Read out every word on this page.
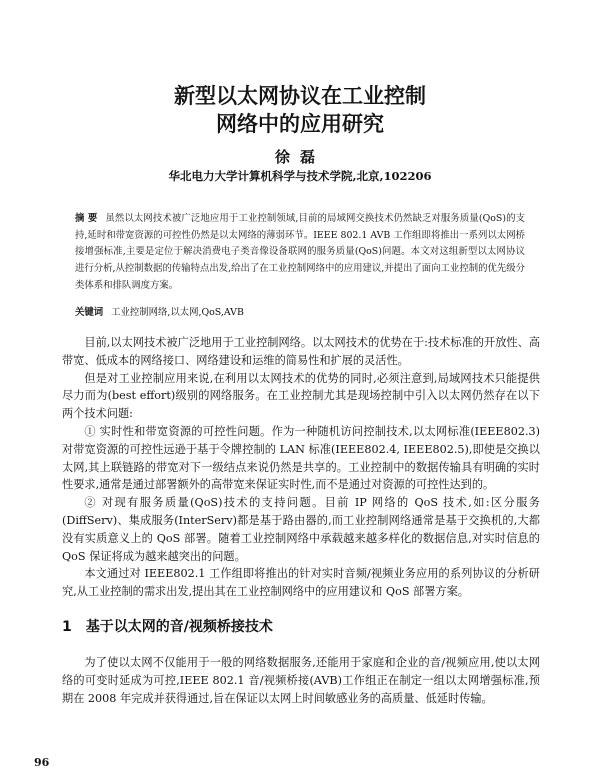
新型以太网协议在工业控制
网络中的应用研究
徐磊
华北电力大学计算机科学与技术学院,北京,102206
摘 要 虽然以太网技术被广泛地应用于工业控制领域,目前的局域网交换技术仍然缺乏对服务质量(QoS)的支持,延时和带宽资源的可控性仍然是以太网络的薄弱环节。IEEE 802.1 AVB 工作组即将推出一系列以太网桥接增强标准,主要是定位于解决消费电子类音像设备联网的服务质量(QoS)问题。本文对这组新型以太网协议进行分析,从控制数据的传输特点出发,给出了在工业控制网络中的应用建议,并提出了面向工业控制的优先级分类体系和排队调度方案。
关键词 工业控制网络,以太网,QoS,AVB

目前,以太网技术被广泛地用于工业控制网络。以太网技术的优势在于:技术标准的开放性、高带宽、低成本的网络接口、网络建设和运维的简易性和扩展的灵活性。

但是对工业控制应用来说,在利用以太网技术的优势的同时,必须注意到,局域网技术只能提供尽力而为(best effort)级别的网络服务。在工业控制尤其是现场控制中引入以太网仍然存在以下两个技术问题:

① 实时性和带宽资源的可控性问题。作为一种随机访问控制技术,以太网标准(IEEE802.3)对带宽资源的可控性远逊于基于令牌控制的 LAN 标准(IEEE802.4, IEEE802.5),即使是交换以太网,其上联链路的带宽对下一级结点来说仍然是共享的。工业控制中的数据传输具有明确的实时性要求,通常是通过部署额外的高带宽来保证实时性,而不是通过对资源的可控性达到的。

② 对现有服务质量(QoS)技术的支持问题。目前 IP 网络的 QoS 技术,如:区分服务(DiffServ)、集成服务(InterServ)都是基于路由器的,而工业控制网络通常是基于交换机的,大都没有实质意义上的 QoS 部署。随着工业控制网络中承载越来越多样化的数据信息,对实时信息的 QoS 保证将成为越来越突出的问题。

本文通过对 IEEE802.1 工作组即将推出的针对实时音频/视频业务应用的系列协议的分析研究,从工业控制的需求出发,提出其在工业控制网络中的应用建议和 QoS 部署方案。

1 基于以太网的音/视频桥接技术

为了使以太网不仅能用于一般的网络数据服务,还能用于家庭和企业的音/视频应用,使以太网络的可变时延成为可控,IEEE 802.1 音/视频桥接(AVB)工作组正在制定一组以太网增强标准,预期在 2008 年完成并获得通过,旨在保证以太网上时间敏感业务的高质量、低延时传输。

96
